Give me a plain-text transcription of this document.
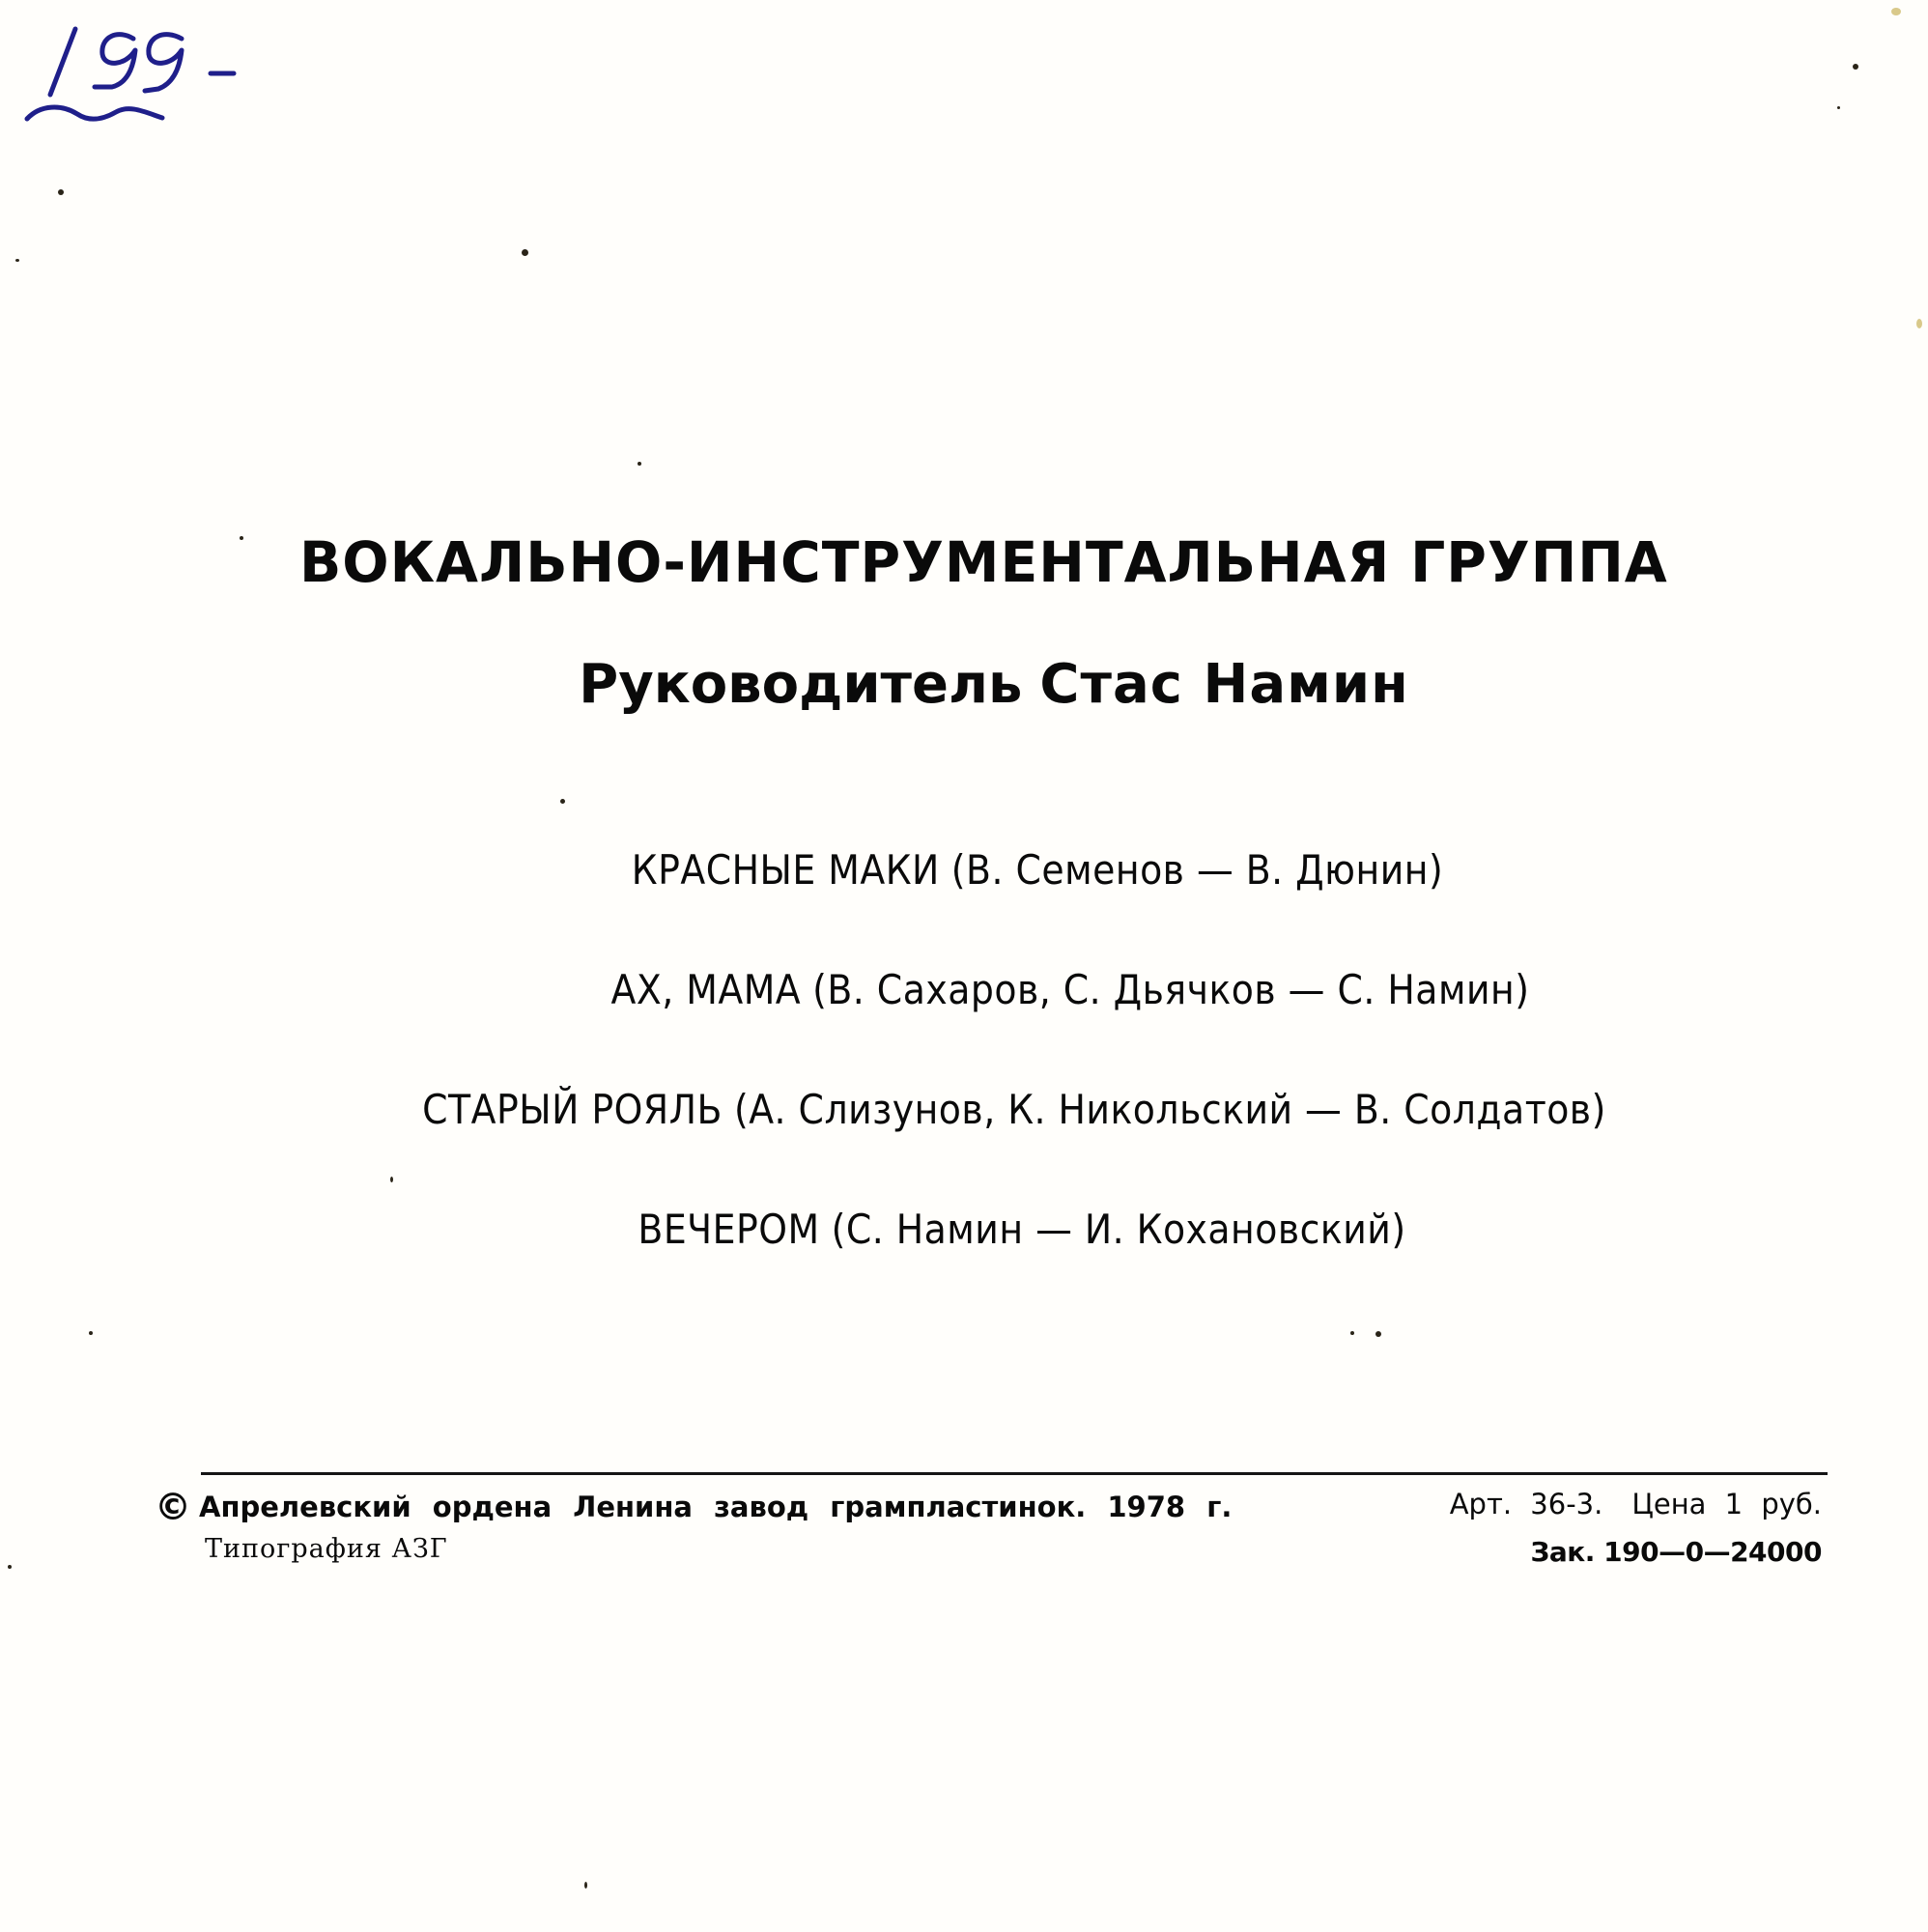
ВОКАЛЬНО-ИНСТРУМЕНТАЛЬНАЯ ГРУППА
Руководитель Стас Намин
КРАСНЫЕ МАКИ (В. Семенов — В. Дюнин)
АХ, МАМА (В. Сахаров, С. Дьячков — С. Намин)
СТАРЫЙ РОЯЛЬ (А. Слизунов, К. Никольский — В. Солдатов)
ВЕЧЕРОМ (С. Намин — И. Кохановский)
© Апрелевский ордена Ленина завод грампластинок. 1978 г.
Типография АЗГ
Арт. 36-3. Цена 1 руб.
Зак. 190—0—24000
